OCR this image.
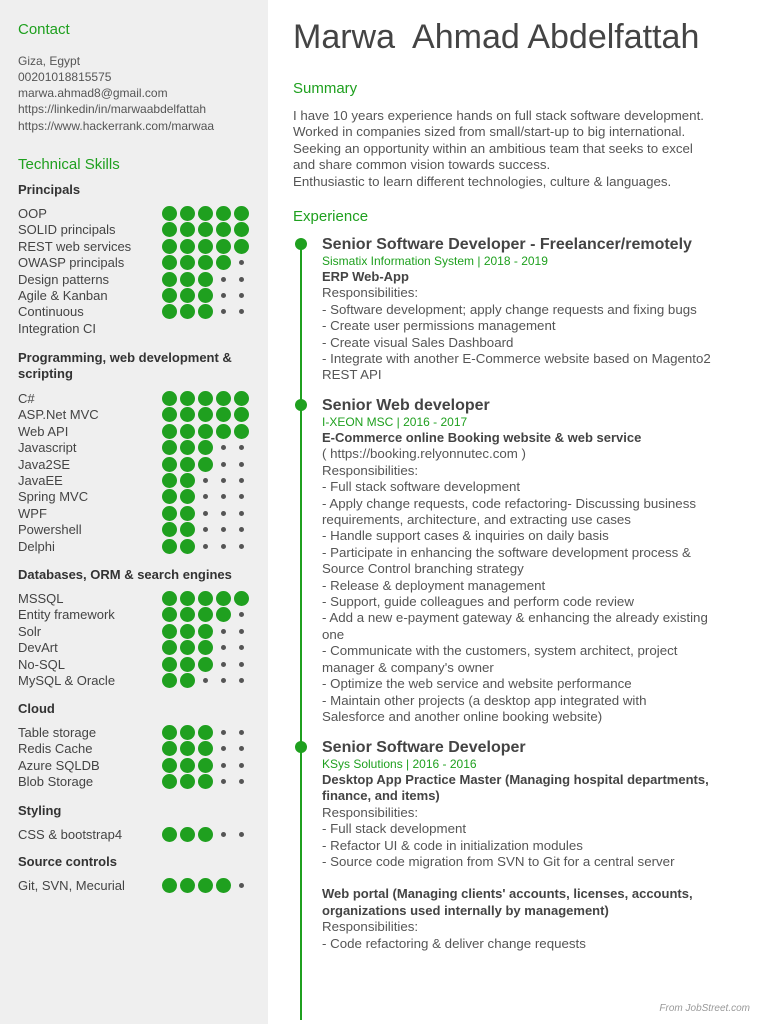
Contact
Giza, Egypt
00201018815575
marwa.ahmad8@gmail.com
https://linkedin/in/marwaabdelfattah
https://www.hackerrank.com/marwaa
Technical Skills
Principals
OOP
SOLID principals
REST web services
OWASP principals
Design patterns
Agile & Kanban
Continuous
Integration CI
Programming, web development & scripting
C#
ASP.Net MVC
Web API
Javascript
Java2SE
JavaEE
Spring MVC
WPF
Powershell
Delphi
Databases, ORM & search engines
MSSQL
Entity framework
Solr
DevArt
No-SQL
MySQL & Oracle
Cloud
Table storage
Redis Cache
Azure SQLDB
Blob Storage
Styling
CSS & bootstrap4
Source controls
Git, SVN, Mecurial
Marwa  Ahmad Abdelfattah
Summary
I have 10 years experience hands on full stack software development.
Worked in companies sized from small/start-up to big international.
Seeking an opportunity within an ambitious team that seeks to excel
and share common vision towards success.
Enthusiastic to learn different technologies, culture & languages.
Experience
Senior Software Developer - Freelancer/remotely
Sismatix Information System | 2018 - 2019
ERP Web-App
Responsibilities:
- Software development; apply change requests and fixing bugs
- Create user permissions management
- Create visual Sales Dashboard
- Integrate with another E-Commerce website based on Magento2
REST API
Senior Web developer
I-XEON MSC | 2016 - 2017
E-Commerce online Booking website & web service
( https://booking.relyonnutec.com )
Responsibilities:
- Full stack software development
- Apply change requests, code refactoring- Discussing business
requirements, architecture, and extracting use cases
- Handle support cases & inquiries on daily basis
- Participate in enhancing the software development process &
Source Control branching strategy
- Release & deployment management
- Support, guide colleagues and perform code review
- Add a new e-payment gateway & enhancing the already existing
one
- Communicate with the customers, system architect, project
manager & company's owner
- Optimize the web service and website performance
- Maintain other projects (a desktop app integrated with
Salesforce and another online booking website)
Senior Software Developer
KSys Solutions | 2016 - 2016
Desktop App Practice Master (Managing hospital departments,
finance, and items)
Responsibilities:
- Full stack development
- Refactor UI & code in initialization modules
- Source code migration from SVN to Git for a central server
Web portal (Managing clients' accounts, licenses, accounts,
organizations used internally by management)
Responsibilities:
- Code refactoring & deliver change requests
From JobStreet.com
